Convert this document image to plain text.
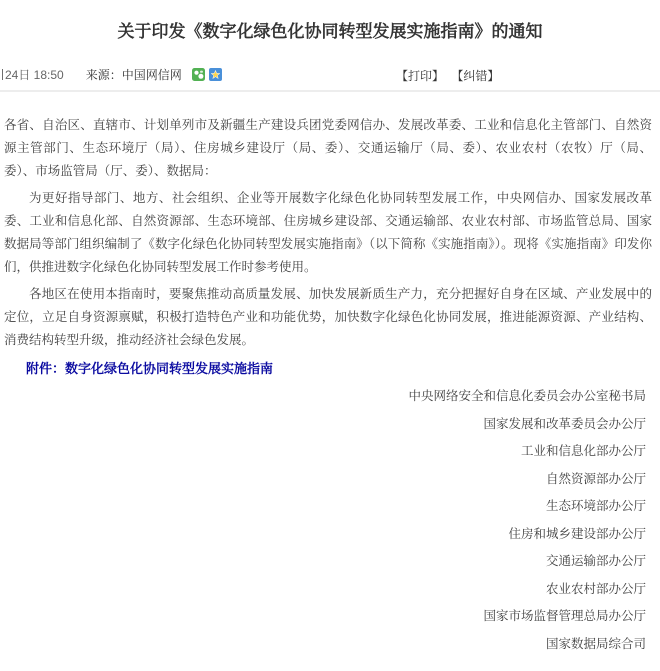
关于印发《数字化绿色化协同转型发展实施指南》的通知
24日 18:50 来源： 中国网信网	【打印】 【纠错】

各省、自治区、直辖市、计划单列市及新疆生产建设兵团党委网信办、发展改革委、工业和信息化主管部门、自然资源主管部门、生态环境厅（局）、住房城乡建设厅（局、委）、交通运输厅（局、委）、农业农村（农牧）厅（局、委）、市场监管局（厅、委）、数据局：

为更好指导部门、地方、社会组织、企业等开展数字化绿色化协同转型发展工作，中央网信办、国家发展改革委、工业和信息化部、自然资源部、生态环境部、住房城乡建设部、交通运输部、农业农村部、市场监管总局、国家数据局等部门组织编制了《数字化绿色化协同转型发展实施指南》（以下简称《实施指南》）。现将《实施指南》印发你们，供推进数字化绿色化协同转型发展工作时参考使用。

各地区在使用本指南时，要聚焦推动高质量发展、加快发展新质生产力，充分把握好自身在区域、产业发展中的定位，立足自身资源禀赋，积极打造特色产业和功能优势，加快数字化绿色化协同发展，推进能源资源、产业结构、消费结构转型升级，推动经济社会绿色发展。

附件：数字化绿色化协同转型发展实施指南
中央网络安全和信息化委员会办公室秘书局
国家发展和改革委员会办公厅
工业和信息化部办公厅
自然资源部办公厅
生态环境部办公厅
住房和城乡建设部办公厅
交通运输部办公厅
农业农村部办公厅
国家市场监督管理总局办公厅
国家数据局综合司
